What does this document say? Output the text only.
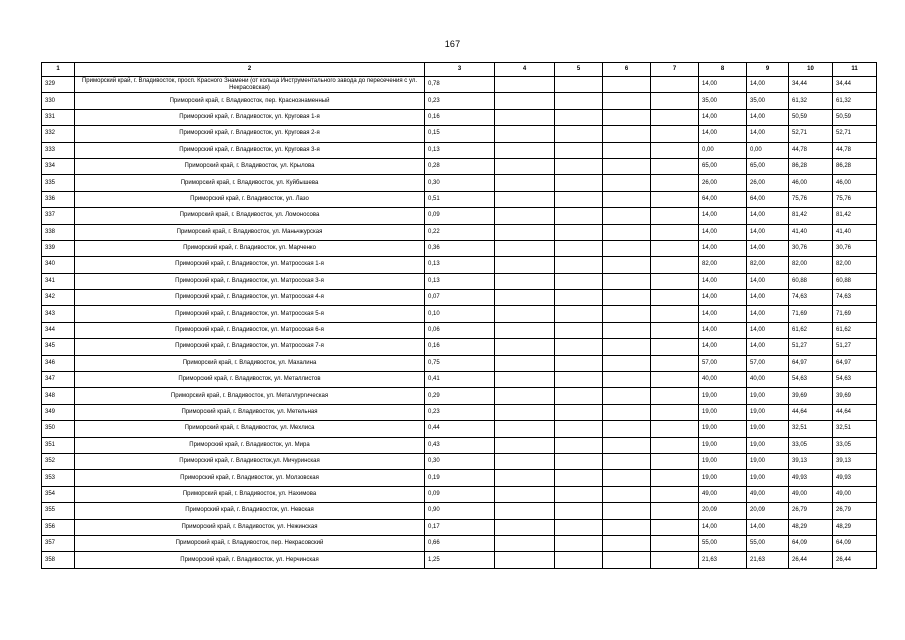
167
1	2	3	4	5	6	7	8	9	10	11
329	Приморский край, г. Владивосток, просп. Красного Знамени (от кольца Инструментального завода до пересечения с ул. Некрасовская)	0,78					14,00	14,00	34,44	34,44
330	Приморский край, г. Владивосток, пер. Краснознаменный	0,23					35,00	35,00	61,32	61,32
331	Приморский край, г. Владивосток, ул. Круговая 1-я	0,16					14,00	14,00	50,59	50,59
332	Приморский край, г. Владивосток, ул. Круговая 2-я	0,15					14,00	14,00	52,71	52,71
333	Приморский край, г. Владивосток, ул. Круговая 3-я	0,13					0,00	0,00	44,78	44,78
334	Приморский край, г. Владивосток, ул. Крылова	0,28					65,00	65,00	86,28	86,28
335	Приморский край, г. Владивосток, ул. Куйбышева	0,30					26,00	26,00	46,00	46,00
336	Приморский край, г. Владивосток, ул. Лазо	0,51					64,00	64,00	75,76	75,76
337	Приморский край, г. Владивосток, ул. Ломоносова	0,09					14,00	14,00	81,42	81,42
338	Приморский край, г. Владивосток, ул. Маньчжурская	0,22					14,00	14,00	41,40	41,40
339	Приморский край, г. Владивосток, ул. Марченко	0,36					14,00	14,00	30,76	30,76
340	Приморский край, г. Владивосток, ул. Матросская 1-я	0,13					82,00	82,00	82,00	82,00
341	Приморский край, г. Владивосток, ул. Матросская 3-я	0,13					14,00	14,00	60,88	60,88
342	Приморский край, г. Владивосток, ул. Матросская 4-я	0,07					14,00	14,00	74,63	74,63
343	Приморский край, г. Владивосток, ул. Матросская 5-я	0,10					14,00	14,00	71,69	71,69
344	Приморский край, г. Владивосток, ул. Матросская 6-я	0,06					14,00	14,00	61,62	61,62
345	Приморский край, г. Владивосток, ул. Матросская 7-я	0,16					14,00	14,00	51,27	51,27
346	Приморский край, г. Владивосток, ул. Махалина	0,75					57,00	57,00	64,97	64,97
347	Приморский край, г. Владивосток, ул. Металлистов	0,41					40,00	40,00	54,63	54,63
348	Приморский край, г. Владивосток, ул. Металлургическая	0,29					19,00	19,00	39,69	39,69
349	Приморский край, г. Владивосток, ул. Метельная	0,23					19,00	19,00	44,64	44,64
350	Приморский край, г. Владивосток, ул. Мехлиса	0,44					19,00	19,00	32,51	32,51
351	Приморский край, г. Владивосток, ул. Мира	0,43					19,00	19,00	33,05	33,05
352	Приморский край, г. Владивосток,ул. Мичуринская	0,30					19,00	19,00	39,13	39,13
353	Приморский край, г. Владивосток, ул. Молзовская	0,19					19,00	19,00	49,93	49,93
354	Приморский край, г. Владивосток, ул. Нахимова	0,09					49,00	49,00	49,00	49,00
355	Приморский край, г. Владивосток, ул. Невская	0,90					20,09	20,09	26,79	26,79
356	Приморский край, г. Владивосток, ул. Нежинская	0,17					14,00	14,00	48,29	48,29
357	Приморский край, г. Владивосток, пер. Некрасовский	0,66					55,00	55,00	64,09	64,09
358	Приморский край, г. Владивосток, ул. Нерчинская	1,25					21,63	21,63	26,44	26,44
